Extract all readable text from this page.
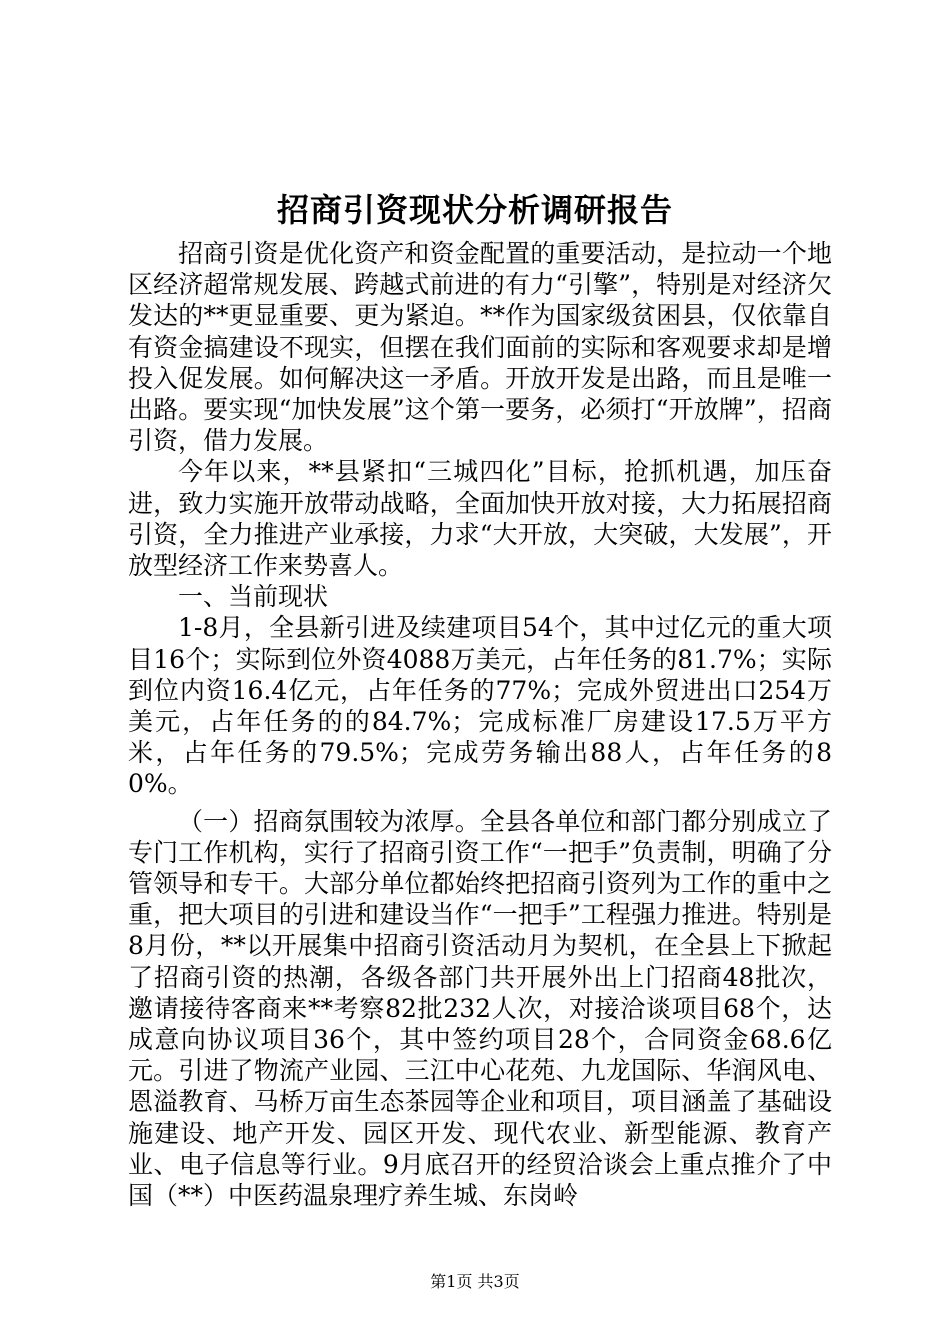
招商引资现状分析调研报告

招商引资是优化资产和资金配置的重要活动，是拉动一个地区经济超常规发展、跨越式前进的有力“引擎”，特别是对经济欠发达的**更显重要、更为紧迫。**作为国家级贫困县，仅依靠自有资金搞建设不现实，但摆在我们面前的实际和客观要求却是增投入促发展。如何解决这一矛盾。开放开发是出路，而且是唯一出路。要实现“加快发展”这个第一要务，必须打“开放牌”，招商引资，借力发展。

今年以来，**县紧扣“三城四化”目标，抢抓机遇，加压奋进，致力实施开放带动战略，全面加快开放对接，大力拓展招商引资，全力推进产业承接，力求“大开放，大突破，大发展”，开放型经济工作来势喜人。

一、当前现状

1-8月，全县新引进及续建项目54个，其中过亿元的重大项目16个；实际到位外资4088万美元，占年任务的81.7%；实际到位内资16.4亿元，占年任务的77%；完成外贸进出口254万美元，占年任务的的84.7%；完成标准厂房建设17.5万平方米，占年任务的79.5%；完成劳务输出88人，占年任务的80%。

（一）招商氛围较为浓厚。全县各单位和部门都分别成立了专门工作机构，实行了招商引资工作“一把手”负责制，明确了分管领导和专干。大部分单位都始终把招商引资列为工作的重中之重，把大项目的引进和建设当作“一把手”工程强力推进。特别是8月份，**以开展集中招商引资活动月为契机，在全县上下掀起了招商引资的热潮，各级各部门共开展外出上门招商48批次，邀请接待客商来**考察82批232人次，对接洽谈项目68个，达成意向协议项目36个，其中签约项目28个，合同资金68.6亿元。引进了物流产业园、三江中心花苑、九龙国际、华润风电、恩溢教育、马桥万亩生态茶园等企业和项目，项目涵盖了基础设施建设、地产开发、园区开发、现代农业、新型能源、教育产业、电子信息等行业。9月底召开的经贸洽谈会上重点推介了中国（**）中医药温泉理疗养生城、东岗岭

第1页 共3页
